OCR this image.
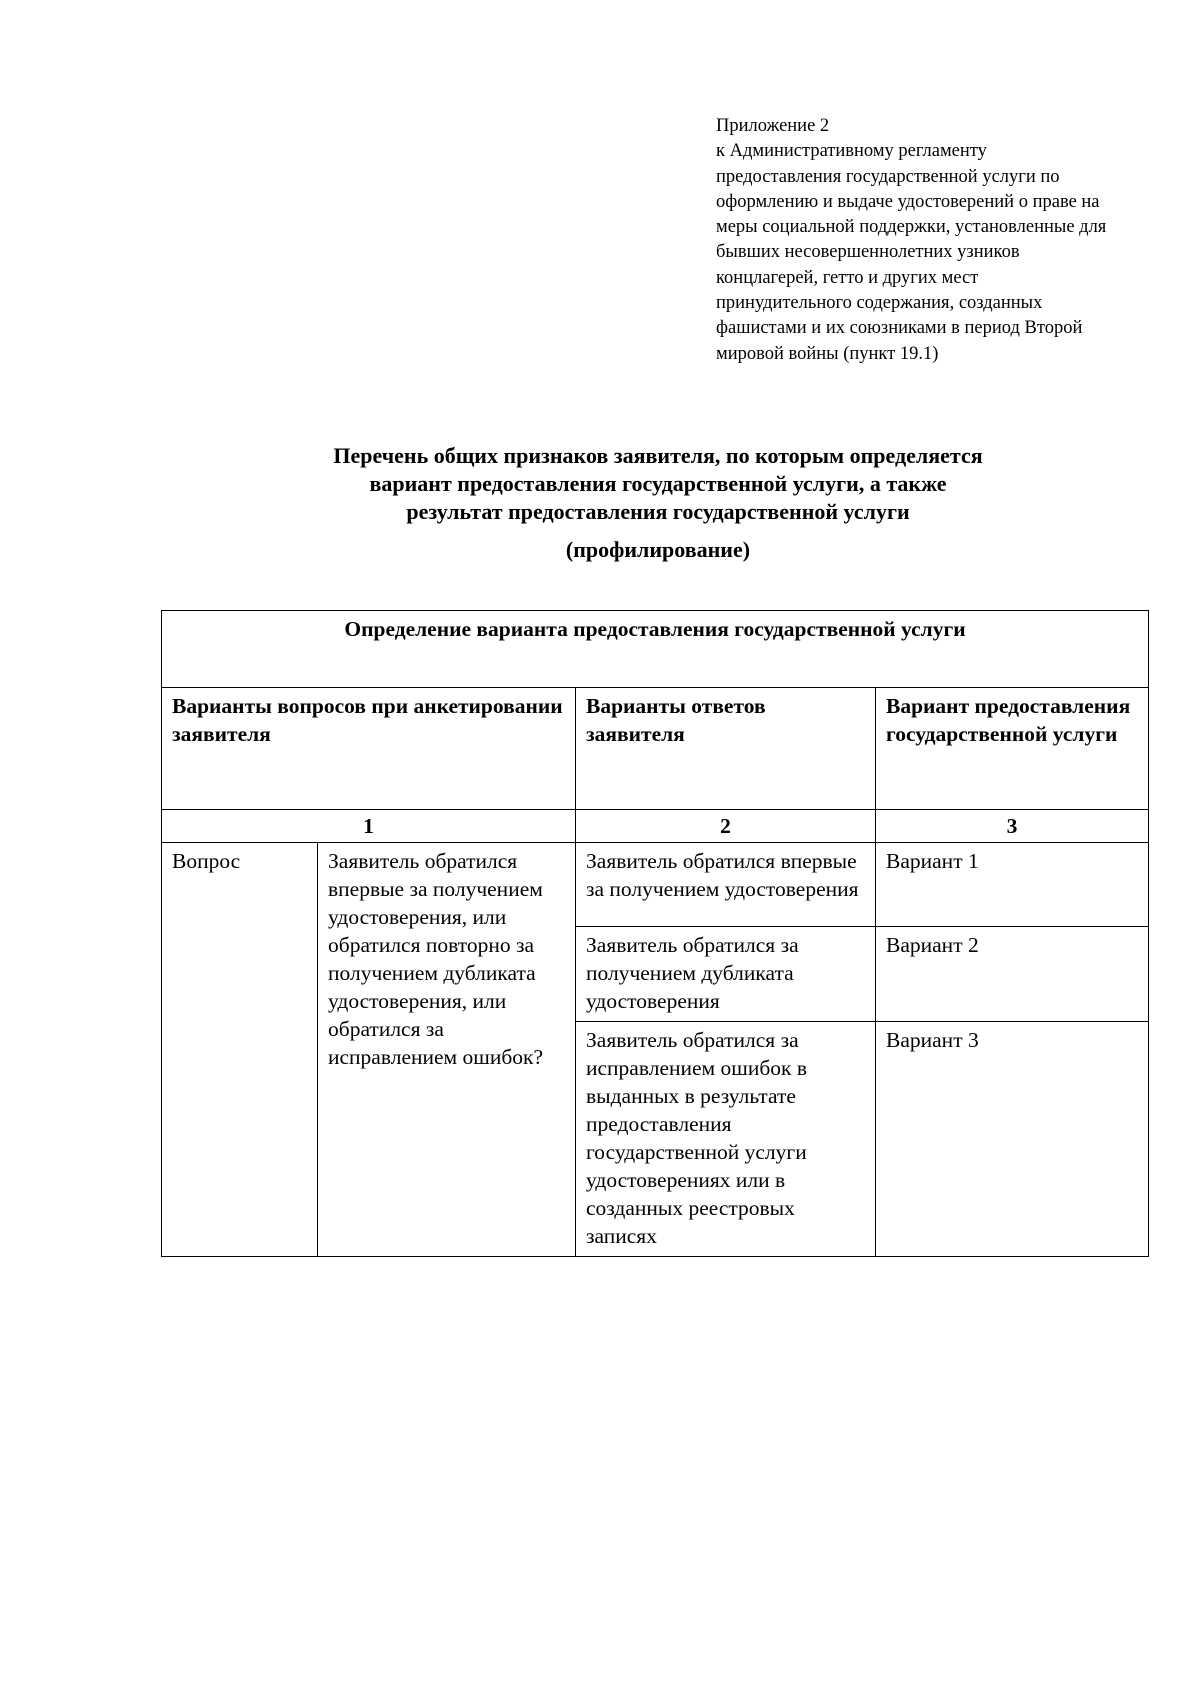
Приложение 2
к Административному регламенту
предоставления государственной услуги по
оформлению и выдаче удостоверений о праве на
меры социальной поддержки, установленные для
бывших несовершеннолетних узников
концлагерей, гетто и других мест
принудительного содержания, созданных
фашистами и их союзниками в период Второй
мировой войны (пункт 19.1)
Перечень общих признаков заявителя, по которым определяется
вариант предоставления государственной услуги, а также
результат предоставления государственной услуги
(профилирование)
Определение варианта предоставления государственной услуги			
Варианты вопросов при анкетировании заявителя		Варианты ответов заявителя	Вариант предоставления государственной услуги
1		2	3
Вопрос	Заявитель обратился впервые за получением удостоверения, или обратился повторно за получением дубликата удостоверения, или обратился за исправлением ошибок?	Заявитель обратился впервые за получением удостоверения	Вариант 1
		Заявитель обратился за получением дубликата удостоверения	Вариант 2
		Заявитель обратился за исправлением ошибок в выданных в результате предоставления государственной услуги удостоверениях или в созданных реестровых записях	Вариант 3
